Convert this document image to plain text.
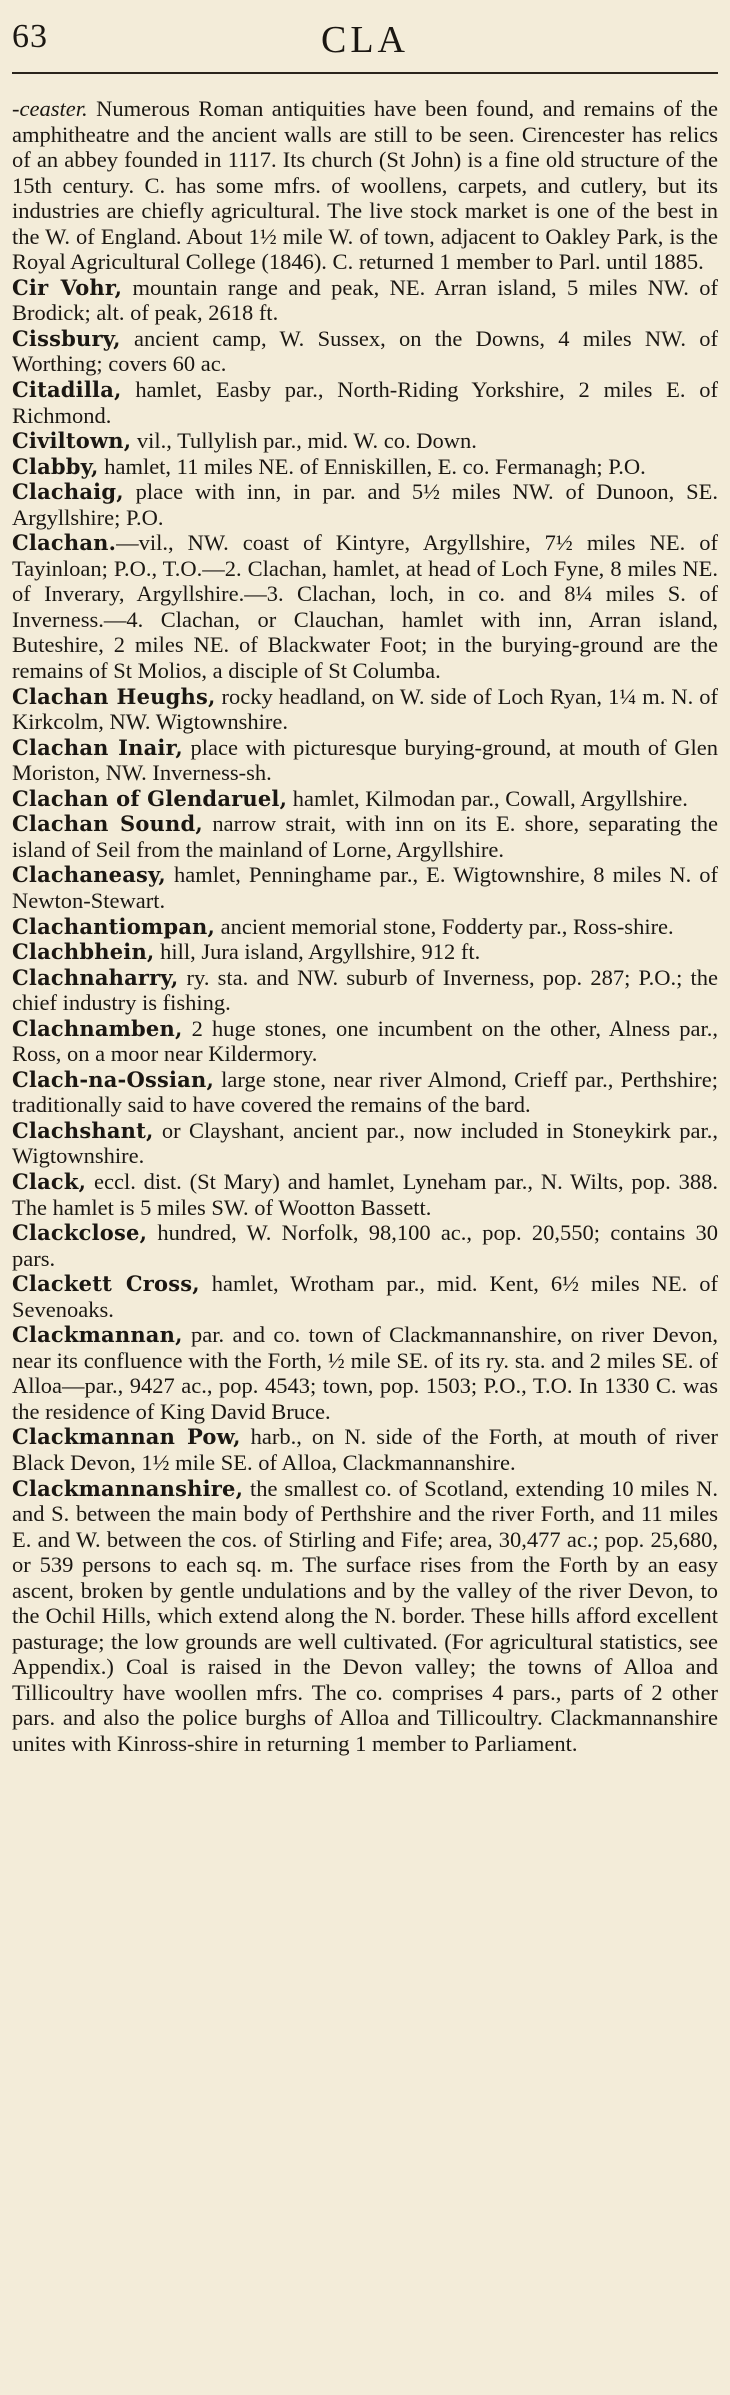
63	CLA

-ceaster. Numerous Roman antiquities have been found, and remains of the amphitheatre and the ancient walls are still to be seen. Cirencester has relics of an abbey founded in 1117. Its church (St John) is a fine old structure of the 15th century. C. has some mfrs. of woollens, carpets, and cutlery, but its industries are chiefly agricultural. The live stock market is one of the best in the W. of England. About 1½ mile W. of town, adjacent to Oakley Park, is the Royal Agricultural College (1846). C. returned 1 member to Parl. until 1885.

Cir Vohr, mountain range and peak, NE. Arran island, 5 miles NW. of Brodick; alt. of peak, 2618 ft.

Cissbury, ancient camp, W. Sussex, on the Downs, 4 miles NW. of Worthing; covers 60 ac.

Citadilla, hamlet, Easby par., North-Riding Yorkshire, 2 miles E. of Richmond.

Civiltown, vil., Tullylish par., mid. W. co. Down.

Clabby, hamlet, 11 miles NE. of Enniskillen, E. co. Fermanagh; P.O.

Clachaig, place with inn, in par. and 5½ miles NW. of Dunoon, SE. Argyllshire; P.O.

Clachan.—vil., NW. coast of Kintyre, Argyllshire, 7½ miles NE. of Tayinloan; P.O., T.O.—2. Clachan, hamlet, at head of Loch Fyne, 8 miles NE. of Inverary, Argyllshire.—3. Clachan, loch, in co. and 8¼ miles S. of Inverness.—4. Clachan, or Clauchan, hamlet with inn, Arran island, Buteshire, 2 miles NE. of Blackwater Foot; in the burying-ground are the remains of St Molios, a disciple of St Columba.

Clachan Heughs, rocky headland, on W. side of Loch Ryan, 1¼ m. N. of Kirkcolm, NW. Wigtownshire.

Clachan Inair, place with picturesque burying-ground, at mouth of Glen Moriston, NW. Inverness-sh.

Clachan of Glendaruel, hamlet, Kilmodan par., Cowall, Argyllshire.

Clachan Sound, narrow strait, with inn on its E. shore, separating the island of Seil from the mainland of Lorne, Argyllshire.

Clachaneasy, hamlet, Penninghame par., E. Wigtownshire, 8 miles N. of Newton-Stewart.

Clachantiompan, ancient memorial stone, Fodderty par., Ross-shire.

Clachbhein, hill, Jura island, Argyllshire, 912 ft.

Clachnaharry, ry. sta. and NW. suburb of Inverness, pop. 287; P.O.; the chief industry is fishing.

Clachnamben, 2 huge stones, one incumbent on the other, Alness par., Ross, on a moor near Kildermory.

Clach-na-Ossian, large stone, near river Almond, Crieff par., Perthshire; traditionally said to have covered the remains of the bard.

Clachshant, or Clayshant, ancient par., now included in Stoneykirk par., Wigtownshire.

Clack, eccl. dist. (St Mary) and hamlet, Lyneham par., N. Wilts, pop. 388. The hamlet is 5 miles SW. of Wootton Bassett.

Clackclose, hundred, W. Norfolk, 98,100 ac., pop. 20,550; contains 30 pars.

Clackett Cross, hamlet, Wrotham par., mid. Kent, 6½ miles NE. of Sevenoaks.

Clackmannan, par. and co. town of Clackmannanshire, on river Devon, near its confluence with the Forth, ½ mile SE. of its ry. sta. and 2 miles SE. of Alloa—par., 9427 ac., pop. 4543; town, pop. 1503; P.O., T.O. In 1330 C. was the residence of King David Bruce.

Clackmannan Pow, harb., on N. side of the Forth, at mouth of river Black Devon, 1½ mile SE. of Alloa, Clackmannanshire.

Clackmannanshire, the smallest co. of Scotland, extending 10 miles N. and S. between the main body of Perthshire and the river Forth, and 11 miles E. and W. between the cos. of Stirling and Fife; area, 30,477 ac.; pop. 25,680, or 539 persons to each sq. m. The surface rises from the Forth by an easy ascent, broken by gentle undulations and by the valley of the river Devon, to the Ochil Hills, which extend along the N. border. These hills afford excellent pasturage; the low grounds are well cultivated. (For agricultural statistics, see Appendix.) Coal is raised in the Devon valley; the towns of Alloa and Tillicoultry have woollen mfrs. The co. comprises 4 pars., parts of 2 other pars. and also the police burghs of Alloa and Tillicoultry. Clackmannanshire unites with Kinross-shire in returning 1 member to Parliament.
